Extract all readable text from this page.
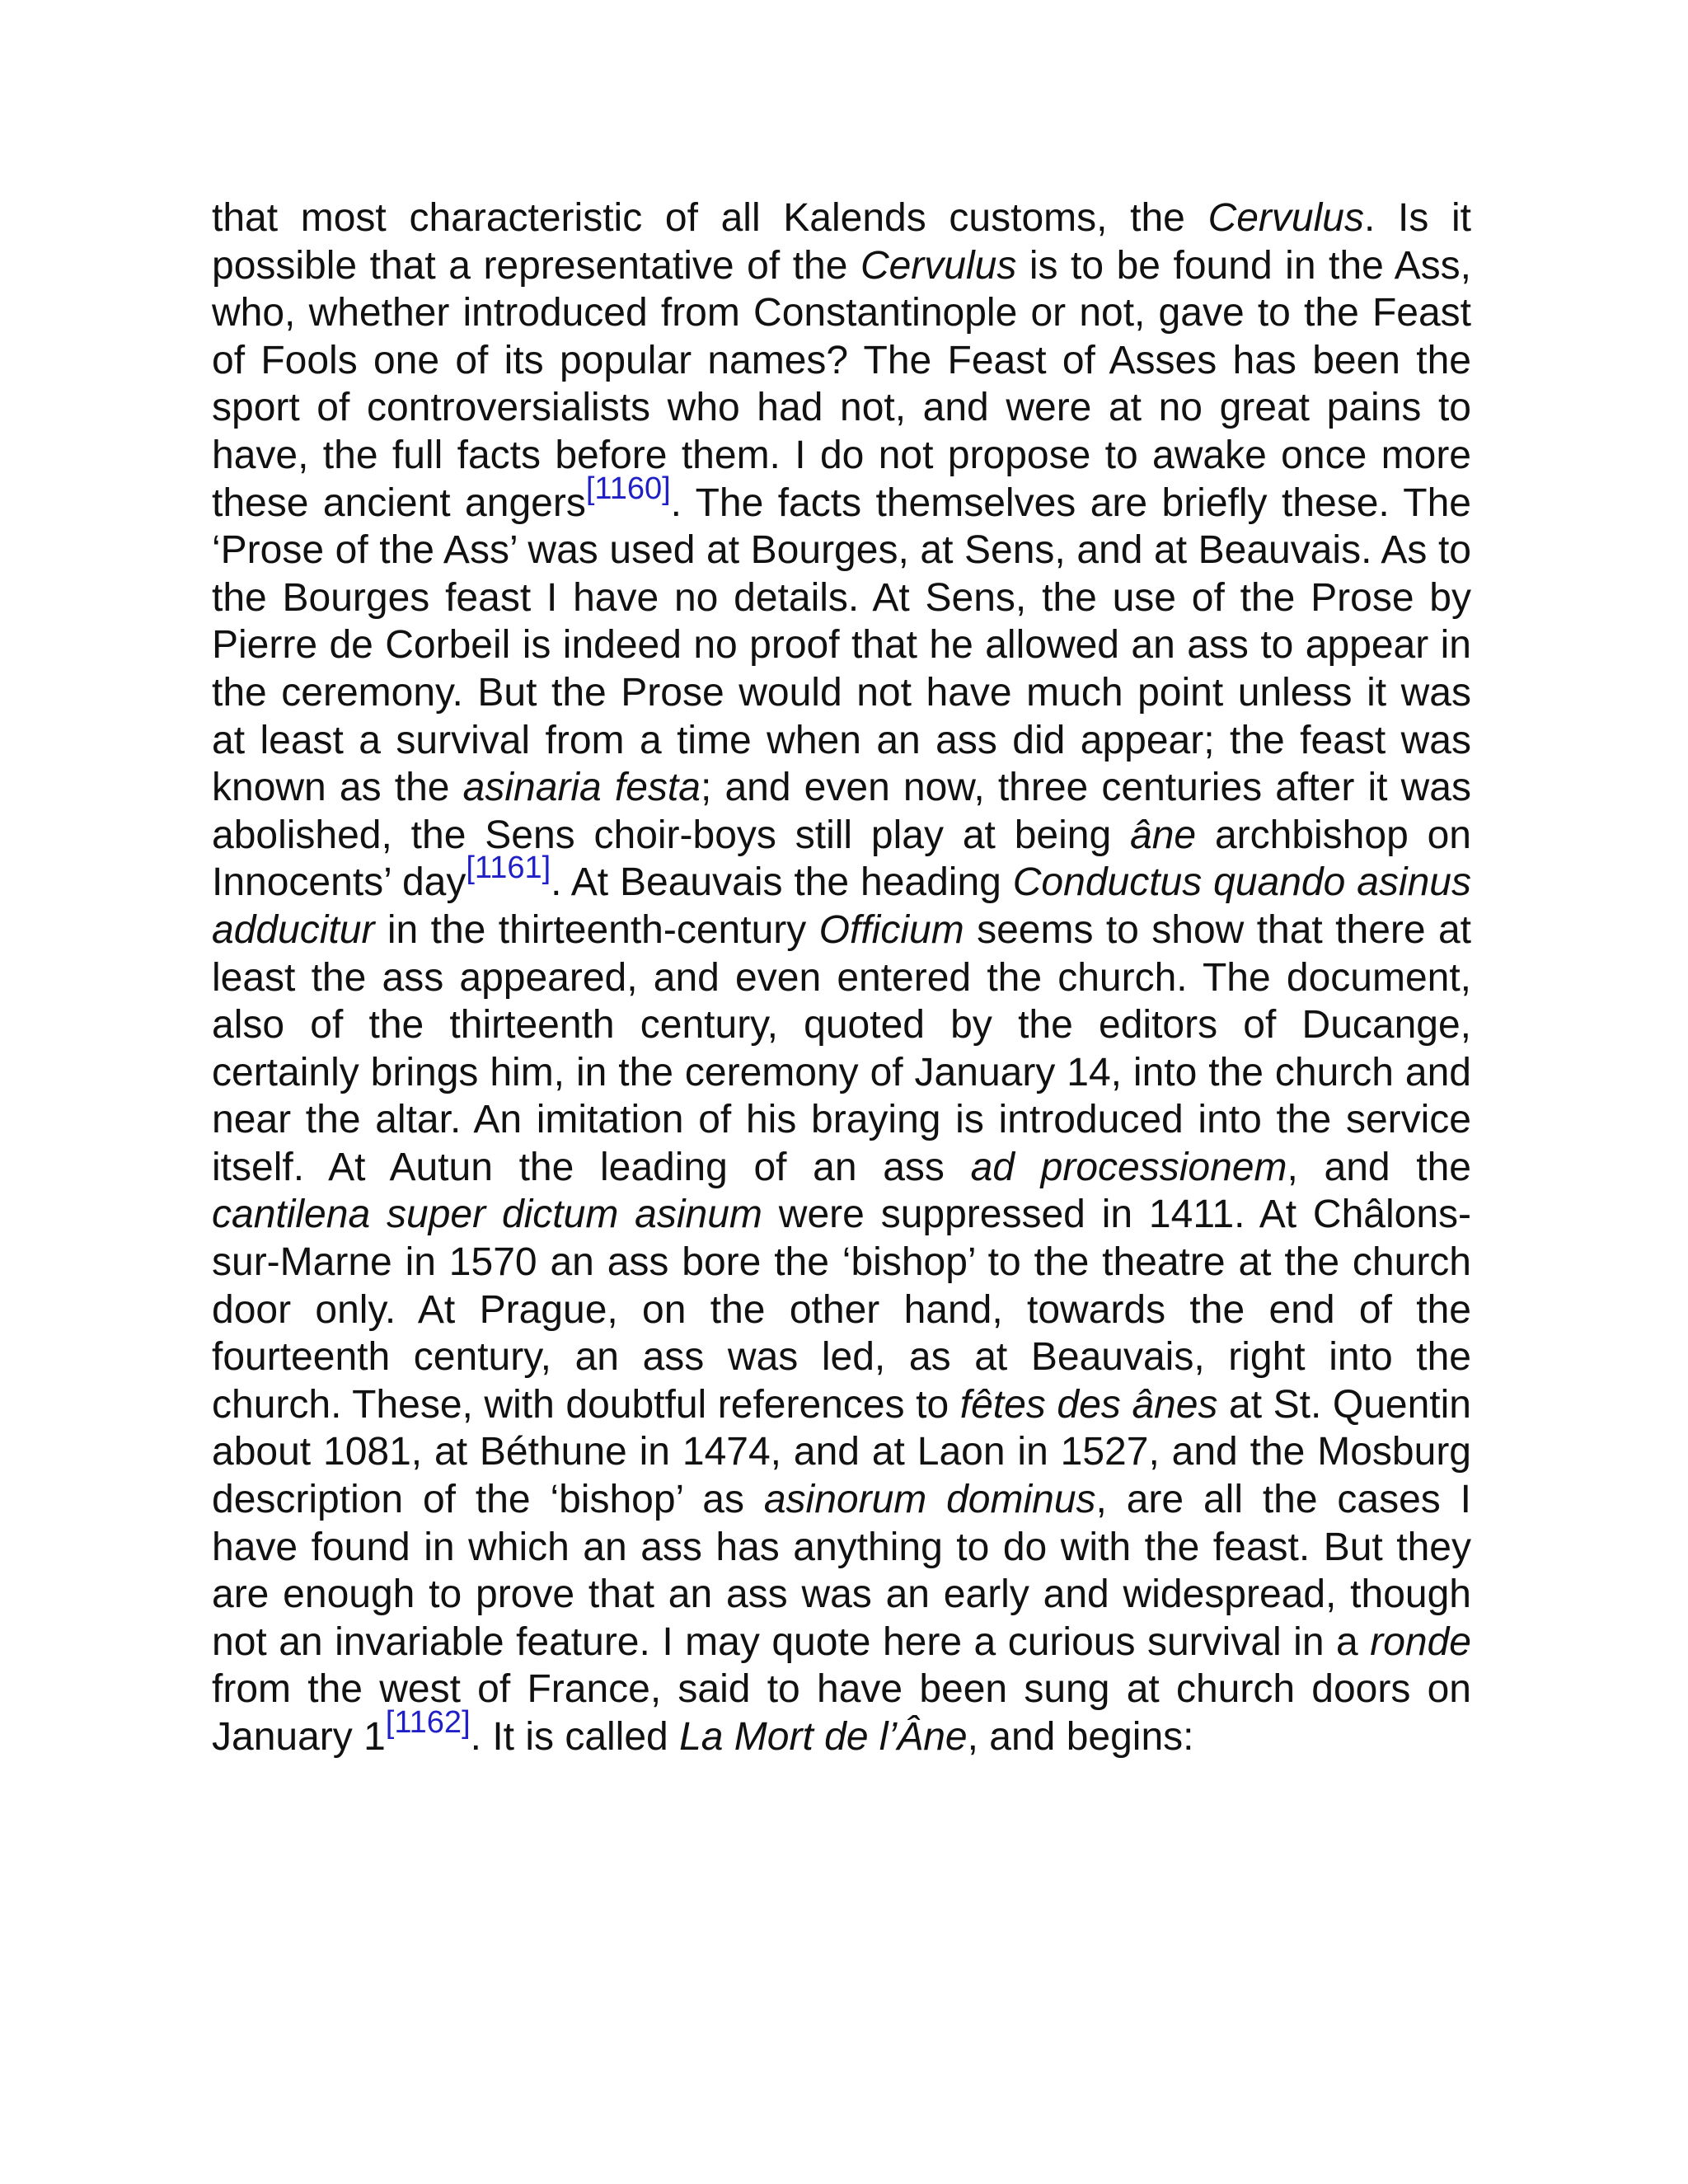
that most characteristic of all Kalends customs, the Cervulus. Is it possible that a representative of the Cervulus is to be found in the Ass, who, whether introduced from Constantinople or not, gave to the Feast of Fools one of its popular names? The Feast of Asses has been the sport of controversialists who had not, and were at no great pains to have, the full facts before them. I do not propose to awake once more these ancient angers[1160]. The facts themselves are briefly these. The ‘Prose of the Ass’ was used at Bourges, at Sens, and at Beauvais. As to the Bourges feast I have no details. At Sens, the use of the Prose by Pierre de Corbeil is indeed no proof that he allowed an ass to appear in the ceremony. But the Prose would not have much point unless it was at least a survival from a time when an ass did appear; the feast was known as the asinaria festa; and even now, three centuries after it was abolished, the Sens choir-boys still play at being âne archbishop on Innocents’ day[1161]. At Beauvais the heading Conductus quando asinus adducitur in the thirteenth-century Officium seems to show that there at least the ass appeared, and even entered the church. The document, also of the thirteenth century, quoted by the editors of Ducange, certainly brings him, in the ceremony of January 14, into the church and near the altar. An imitation of his braying is introduced into the service itself. At Autun the leading of an ass ad processionem, and the cantilena super dictum asinum were suppressed in 1411. At Châlons-sur-Marne in 1570 an ass bore the ‘bishop’ to the theatre at the church door only. At Prague, on the other hand, towards the end of the fourteenth century, an ass was led, as at Beauvais, right into the church. These, with doubtful references to fêtes des ânes at St. Quentin about 1081, at Béthune in 1474, and at Laon in 1527, and the Mosburg description of the ‘bishop’ as asinorum dominus, are all the cases I have found in which an ass has anything to do with the feast. But they are enough to prove that an ass was an early and widespread, though not an invariable feature. I may quote here a curious survival in a ronde from the west of France, said to have been sung at church doors on January 1[1162]. It is called La Mort de l’Âne, and begins:
